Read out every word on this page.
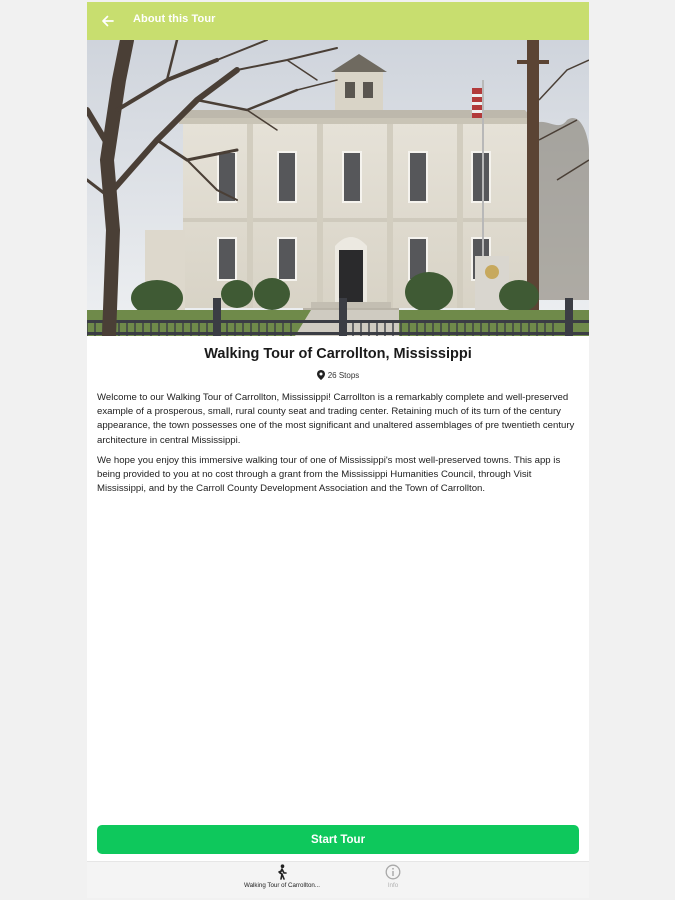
About this Tour
Walking Tour of Carrollton, Mississippi
26 Stops

Welcome to our Walking Tour of Carrollton, Mississippi! Carrollton is a remarkably complete and well-preserved example of a prosperous, small, rural county seat and trading center. Retaining much of its turn of the century appearance, the town possesses one of the most significant and unaltered assemblages of pre twentieth century architecture in central Mississippi.

We hope you enjoy this immersive walking tour of one of Mississippi's most well-preserved towns. This app is being provided to you at no cost through a grant from the Mississippi Humanities Council, through Visit Mississippi, and by the Carroll County Development Association and the Town of Carrollton.

Start Tour
Walking Tour of Carrollton...	Info
